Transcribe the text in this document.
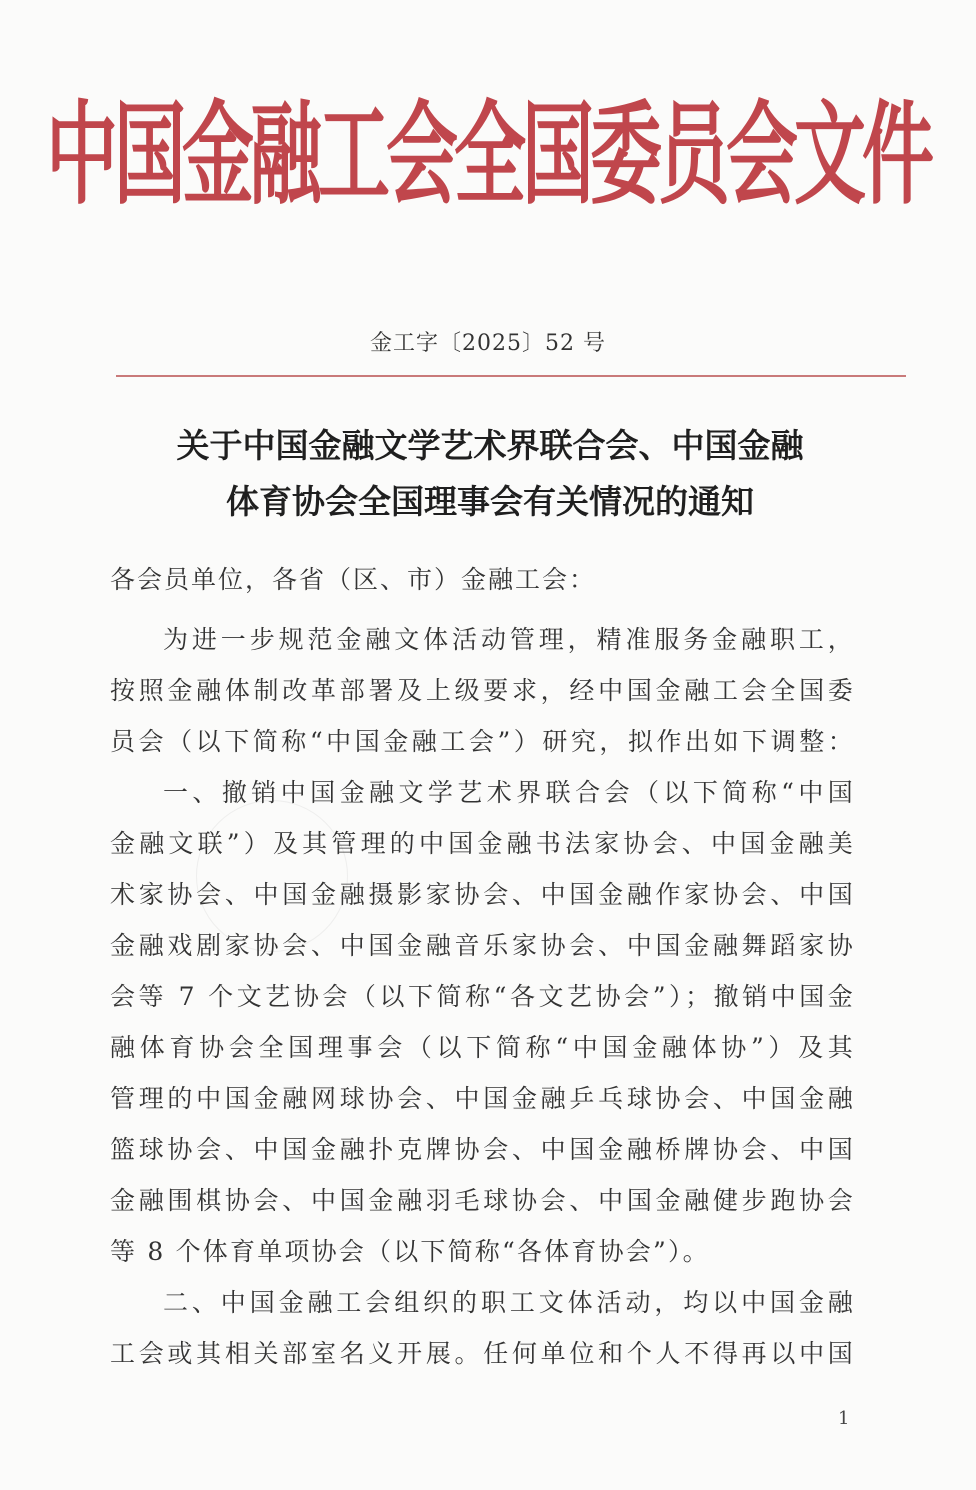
中国金融工会全国委员会文件
金工字〔2025〕52 号
关于中国金融文学艺术界联合会、中国金融
体育协会全国理事会有关情况的通知
各会员单位，各省（区、市）金融工会：
为进一步规范金融文体活动管理，精准服务金融职工，
按照金融体制改革部署及上级要求，经中国金融工会全国委
员会（以下简称“中国金融工会”）研究，拟作出如下调整：
一、撤销中国金融文学艺术界联合会（以下简称“中国
金融文联”）及其管理的中国金融书法家协会、中国金融美
术家协会、中国金融摄影家协会、中国金融作家协会、中国
金融戏剧家协会、中国金融音乐家协会、中国金融舞蹈家协
会等 7 个文艺协会（以下简称“各文艺协会”）；撤销中国金
融体育协会全国理事会（以下简称“中国金融体协”）及其
管理的中国金融网球协会、中国金融乒乓球协会、中国金融
篮球协会、中国金融扑克牌协会、中国金融桥牌协会、中国
金融围棋协会、中国金融羽毛球协会、中国金融健步跑协会
等 8 个体育单项协会（以下简称“各体育协会”）。
二、中国金融工会组织的职工文体活动，均以中国金融
工会或其相关部室名义开展。任何单位和个人不得再以中国
1
